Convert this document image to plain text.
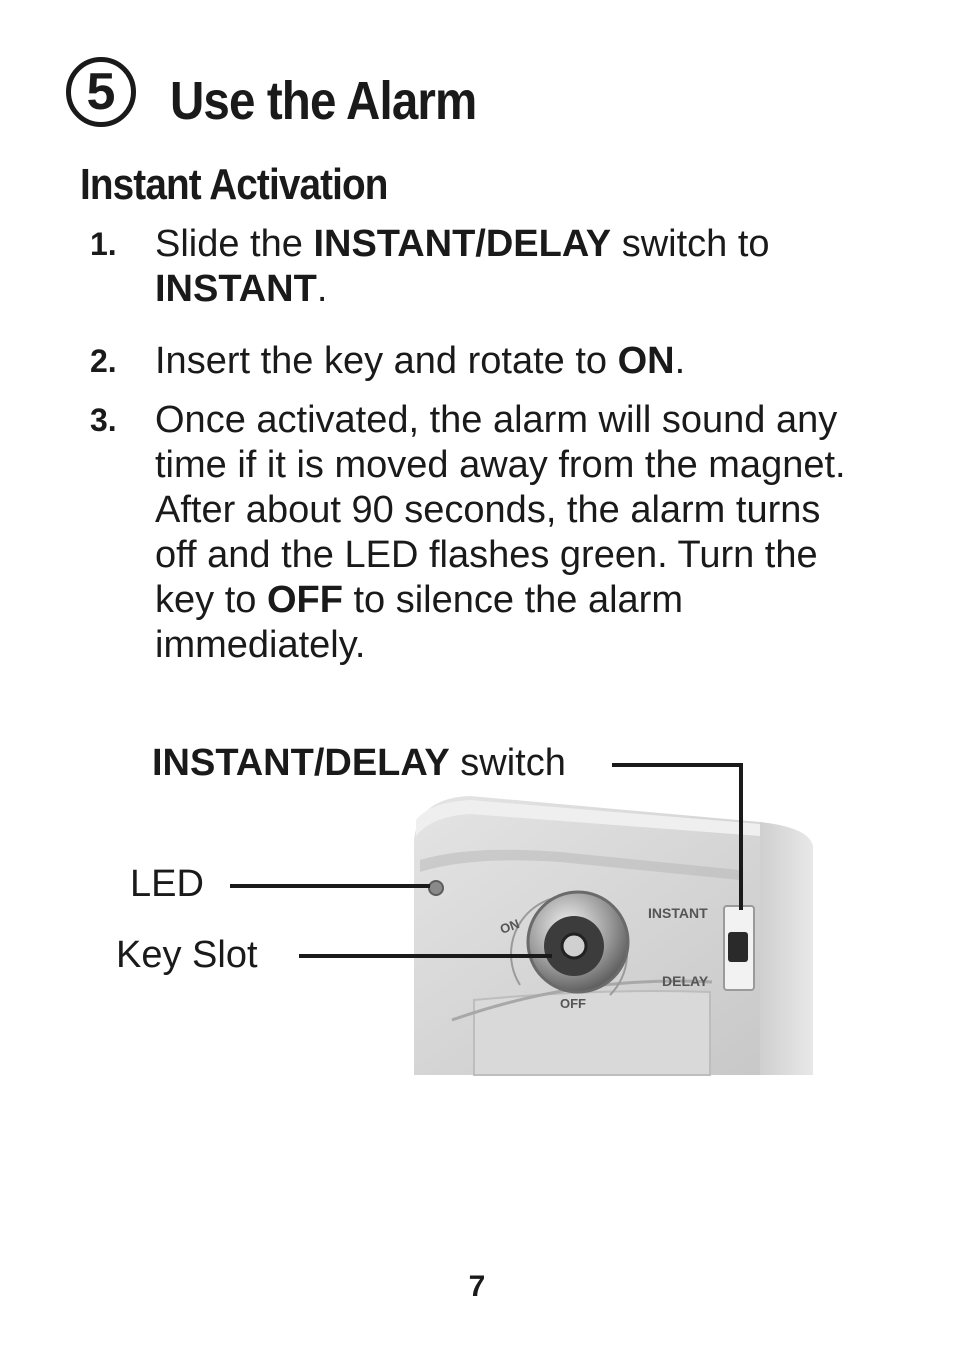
5 Use the Alarm
Instant Activation
1. Slide the INSTANT/DELAY switch to INSTANT.
2. Insert the key and rotate to ON.
3. Once activated, the alarm will sound any time if it is moved away from the magnet. After about 90 seconds, the alarm turns off and the LED flashes green. Turn the key to OFF to silence the alarm immediately.
ON
OFF
INSTANT
DELAY
INSTANT/DELAY switch
LED
Key Slot
7
